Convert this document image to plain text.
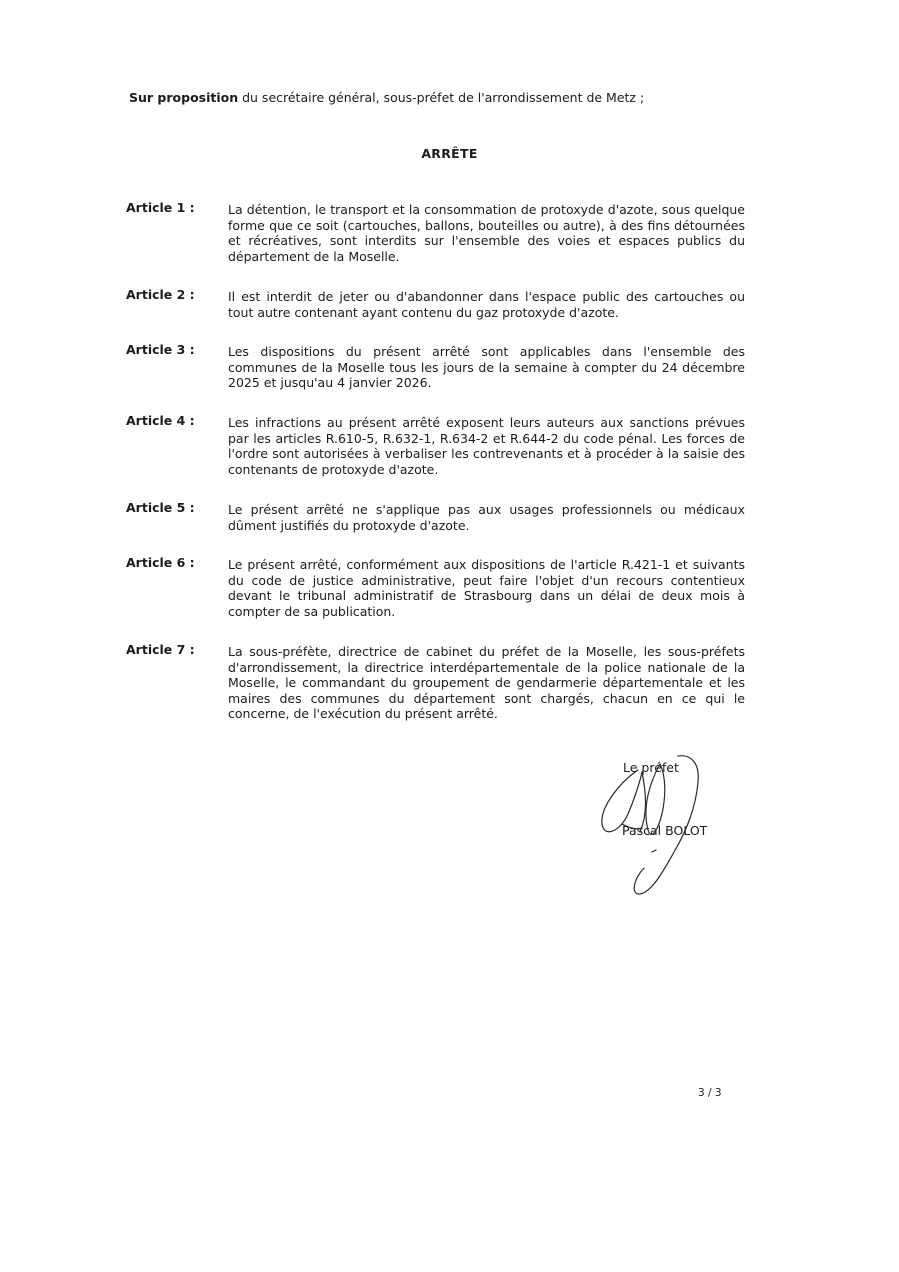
Sur proposition du secrétaire général, sous-préfet de l'arrondissement de Metz ;
ARRÊTE
Article 1 :	La détention, le transport et la consommation de protoxyde d'azote, sous quelque forme que ce soit (cartouches, ballons, bouteilles ou autre), à des fins détournées et récréatives, sont interdits sur l'ensemble des voies et espaces publics du département de la Moselle.
Article 2 :	Il est interdit de jeter ou d'abandonner dans l'espace public des cartouches ou tout autre contenant ayant contenu du gaz protoxyde d'azote.
Article 3 :	Les dispositions du présent arrêté sont applicables dans l'ensemble des communes de la Moselle tous les jours de la semaine à compter du 24 décembre 2025 et jusqu'au 4 janvier 2026.
Article 4 :	Les infractions au présent arrêté exposent leurs auteurs aux sanctions prévues par les articles R.610-5, R.632-1, R.634-2 et R.644-2 du code pénal. Les forces de l'ordre sont autorisées à verbaliser les contrevenants et à procéder à la saisie des contenants de protoxyde d'azote.
Article 5 :	Le présent arrêté ne s'applique pas aux usages professionnels ou médicaux dûment justifiés du protoxyde d'azote.
Article 6 :	Le présent arrêté, conformément aux dispositions de l'article R.421-1 et suivants du code de justice administrative, peut faire l'objet d'un recours contentieux devant le tribunal administratif de Strasbourg dans un délai de deux mois à compter de sa publication.
Article 7 :	La sous-préfète, directrice de cabinet du préfet de la Moselle, les sous-préfets d'arrondissement, la directrice interdépartementale de la police nationale de la Moselle, le commandant du groupement de gendarmerie départementale et les maires des communes du département sont chargés, chacun en ce qui le concerne, de l'exécution du présent arrêté.
Le préfet
Pascal BOLOT
3 / 3
